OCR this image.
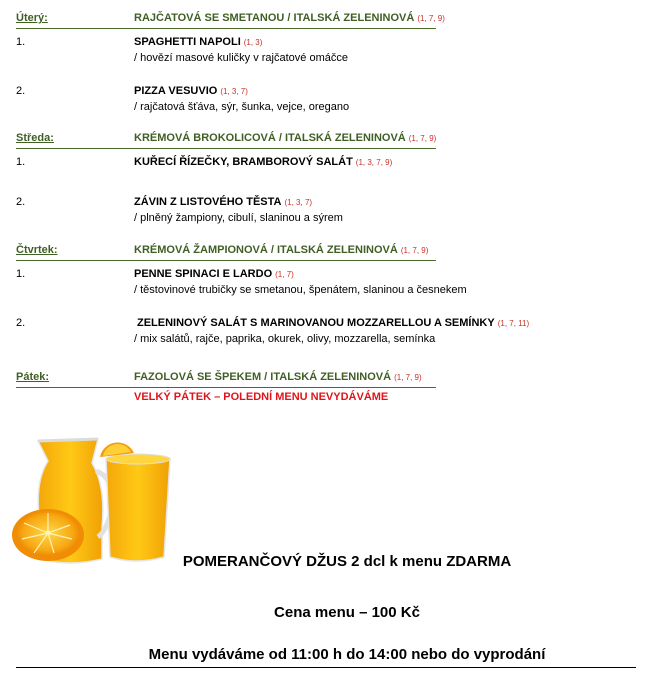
Úterý:	RAJČATOVÁ SE SMETANOU / ITALSKÁ ZELENINOVÁ (1, 7, 9)
1.	SPAGHETTI NAPOLI (1, 3)
/ hovězí masové kuličky v rajčatové omáčce
2.	PIZZA VESUVIO (1, 3, 7)
/ rajčatová šťáva, sýr, šunka, vejce, oregano
Středa:	KRÉMOVÁ BROKOLICOVÁ / ITALSKÁ ZELENINOVÁ (1, 7, 9)
1.	KUŘECÍ ŘÍZEČKY, BRAMBOROVÝ SALÁT (1, 3, 7, 9)
2.	ZÁVIN Z LISTOVÉHO TĚSTA (1, 3, 7)
/ plněný žampiony, cibulí, slaninou a sýrem
Čtvrtek:	KRÉMOVÁ ŽAMPIONOVÁ / ITALSKÁ ZELENINOVÁ (1, 7, 9)
1.	PENNE SPINACI E LARDO (1, 7)
/ těstovinové trubičky se smetanou, špenátem, slaninou a česnekem
2.	ZELENINOVÝ SALÁT S MARINOVANOU MOZZARELLOU A SEMÍNKY (1, 7, 11)
/ mix salátů, rajče, paprika, okurek, olivy, mozzarella, semínka
Pátek:	FAZOLOVÁ SE ŠPEKEM / ITALSKÁ ZELENINOVÁ (1, 7, 9)
VELKÝ PÁTEK – POLEDNÍ MENU NEVYDÁVÁME
POMERANČOVÝ DŽUS 2 dcl k menu ZDARMA
Cena menu – 100 Kč
Menu vydáváme od 11:00 h do 14:00 nebo do vyprodání
